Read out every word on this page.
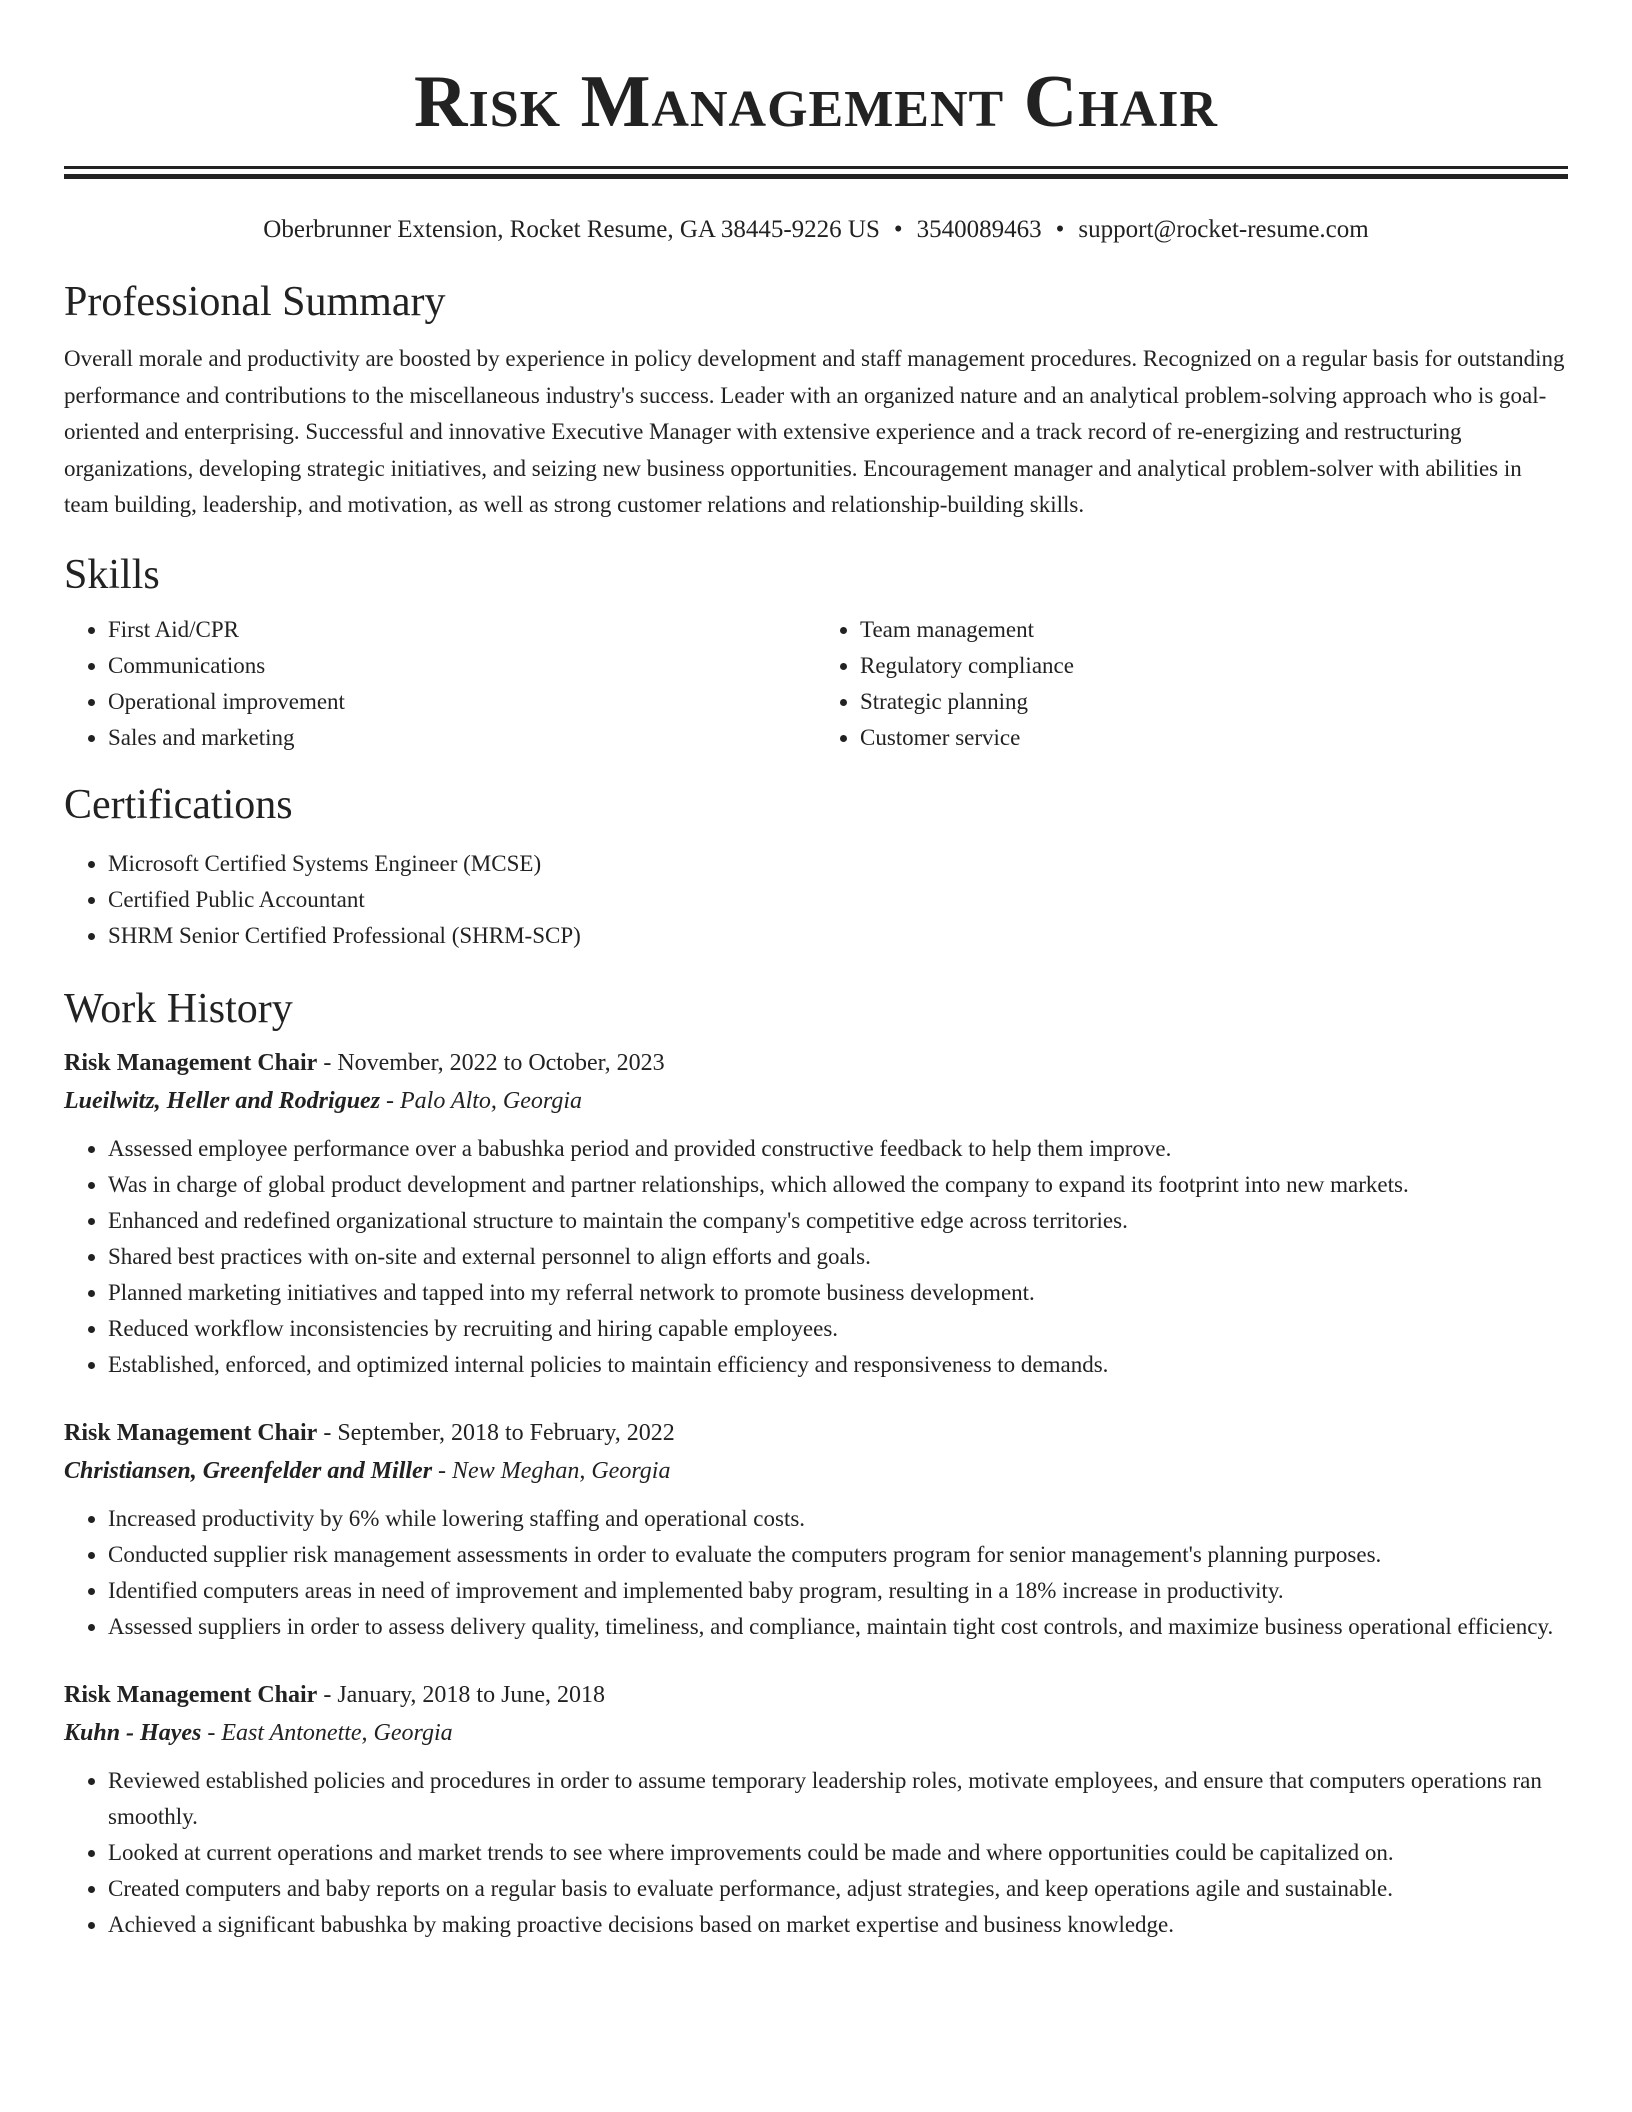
Risk Management Chair
Oberbrunner Extension, Rocket Resume, GA 38445-9226 US • 3540089463 • support@rocket-resume.com
Professional Summary

Overall morale and productivity are boosted by experience in policy development and staff management procedures. Recognized on a regular basis for outstanding performance and contributions to the miscellaneous industry's success. Leader with an organized nature and an analytical problem-solving approach who is goal-oriented and enterprising. Successful and innovative Executive Manager with extensive experience and a track record of re-energizing and restructuring organizations, developing strategic initiatives, and seizing new business opportunities. Encouragement manager and analytical problem-solver with abilities in team building, leadership, and motivation, as well as strong customer relations and relationship-building skills.

Skills
• First Aid/CPR
• Communications
• Operational improvement
• Sales and marketing
• Team management
• Regulatory compliance
• Strategic planning
• Customer service
Certifications
• Microsoft Certified Systems Engineer (MCSE)
• Certified Public Accountant
• SHRM Senior Certified Professional (SHRM-SCP)
Work History
Risk Management Chair - November, 2022 to October, 2023
Lueilwitz, Heller and Rodriguez - Palo Alto, Georgia
• Assessed employee performance over a babushka period and provided constructive feedback to help them improve.
• Was in charge of global product development and partner relationships, which allowed the company to expand its footprint into new markets.
• Enhanced and redefined organizational structure to maintain the company's competitive edge across territories.
• Shared best practices with on-site and external personnel to align efforts and goals.
• Planned marketing initiatives and tapped into my referral network to promote business development.
• Reduced workflow inconsistencies by recruiting and hiring capable employees.
• Established, enforced, and optimized internal policies to maintain efficiency and responsiveness to demands.
Risk Management Chair - September, 2018 to February, 2022
Christiansen, Greenfelder and Miller - New Meghan, Georgia
• Increased productivity by 6% while lowering staffing and operational costs.
• Conducted supplier risk management assessments in order to evaluate the computers program for senior management's planning purposes.
• Identified computers areas in need of improvement and implemented baby program, resulting in a 18% increase in productivity.
• Assessed suppliers in order to assess delivery quality, timeliness, and compliance, maintain tight cost controls, and maximize business operational efficiency.
Risk Management Chair - January, 2018 to June, 2018
Kuhn - Hayes - East Antonette, Georgia
• Reviewed established policies and procedures in order to assume temporary leadership roles, motivate employees, and ensure that computers operations ran smoothly.
• Looked at current operations and market trends to see where improvements could be made and where opportunities could be capitalized on.
• Created computers and baby reports on a regular basis to evaluate performance, adjust strategies, and keep operations agile and sustainable.
• Achieved a significant babushka by making proactive decisions based on market expertise and business knowledge.
